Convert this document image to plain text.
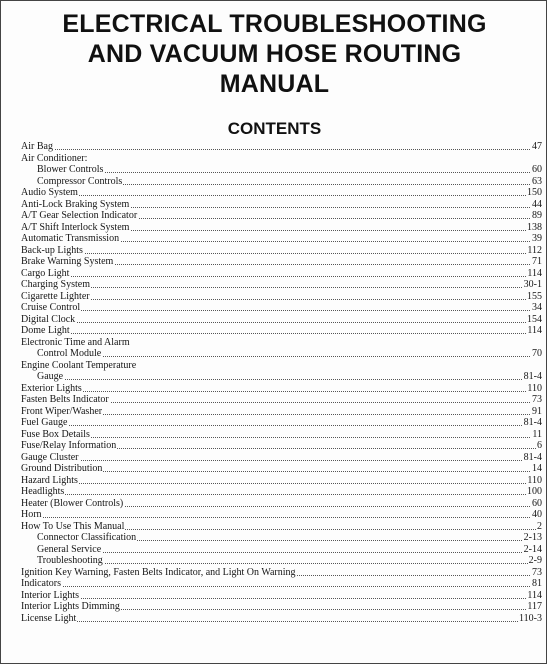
ELECTRICAL TROUBLESHOOTING
AND VACUUM HOSE ROUTING
MANUAL
CONTENTS
Air Bag	47
Air Conditioner:
Blower Controls	60
Compressor Controls	63
Audio System	150
Anti-Lock Braking System	44
A/T Gear Selection Indicator	89
A/T Shift Interlock System	138
Automatic Transmission	39
Back-up Lights	112
Brake Warning System	71
Cargo Light	114
Charging System	30-1
Cigarette Lighter	155
Cruise Control	34
Digital Clock	154
Dome Light	114
Electronic Time and Alarm
Control Module	70
Engine Coolant Temperature
Gauge	81-4
Exterior Lights	110
Fasten Belts Indicator	73
Front Wiper/Washer	91
Fuel Gauge	81-4
Fuse Box Details	11
Fuse/Relay Information	6
Gauge Cluster	81-4
Ground Distribution	14
Hazard Lights	110
Headlights	100
Heater (Blower Controls)	60
Horn	40
How To Use This Manual	2
Connector Classification	2-13
General Service	2-14
Troubleshooting	2-9
Ignition Key Warning, Fasten Belts Indicator, and Light On Warning	73
Indicators	81
Interior Lights	114
Interior Lights Dimming	117
License Light	110-3
